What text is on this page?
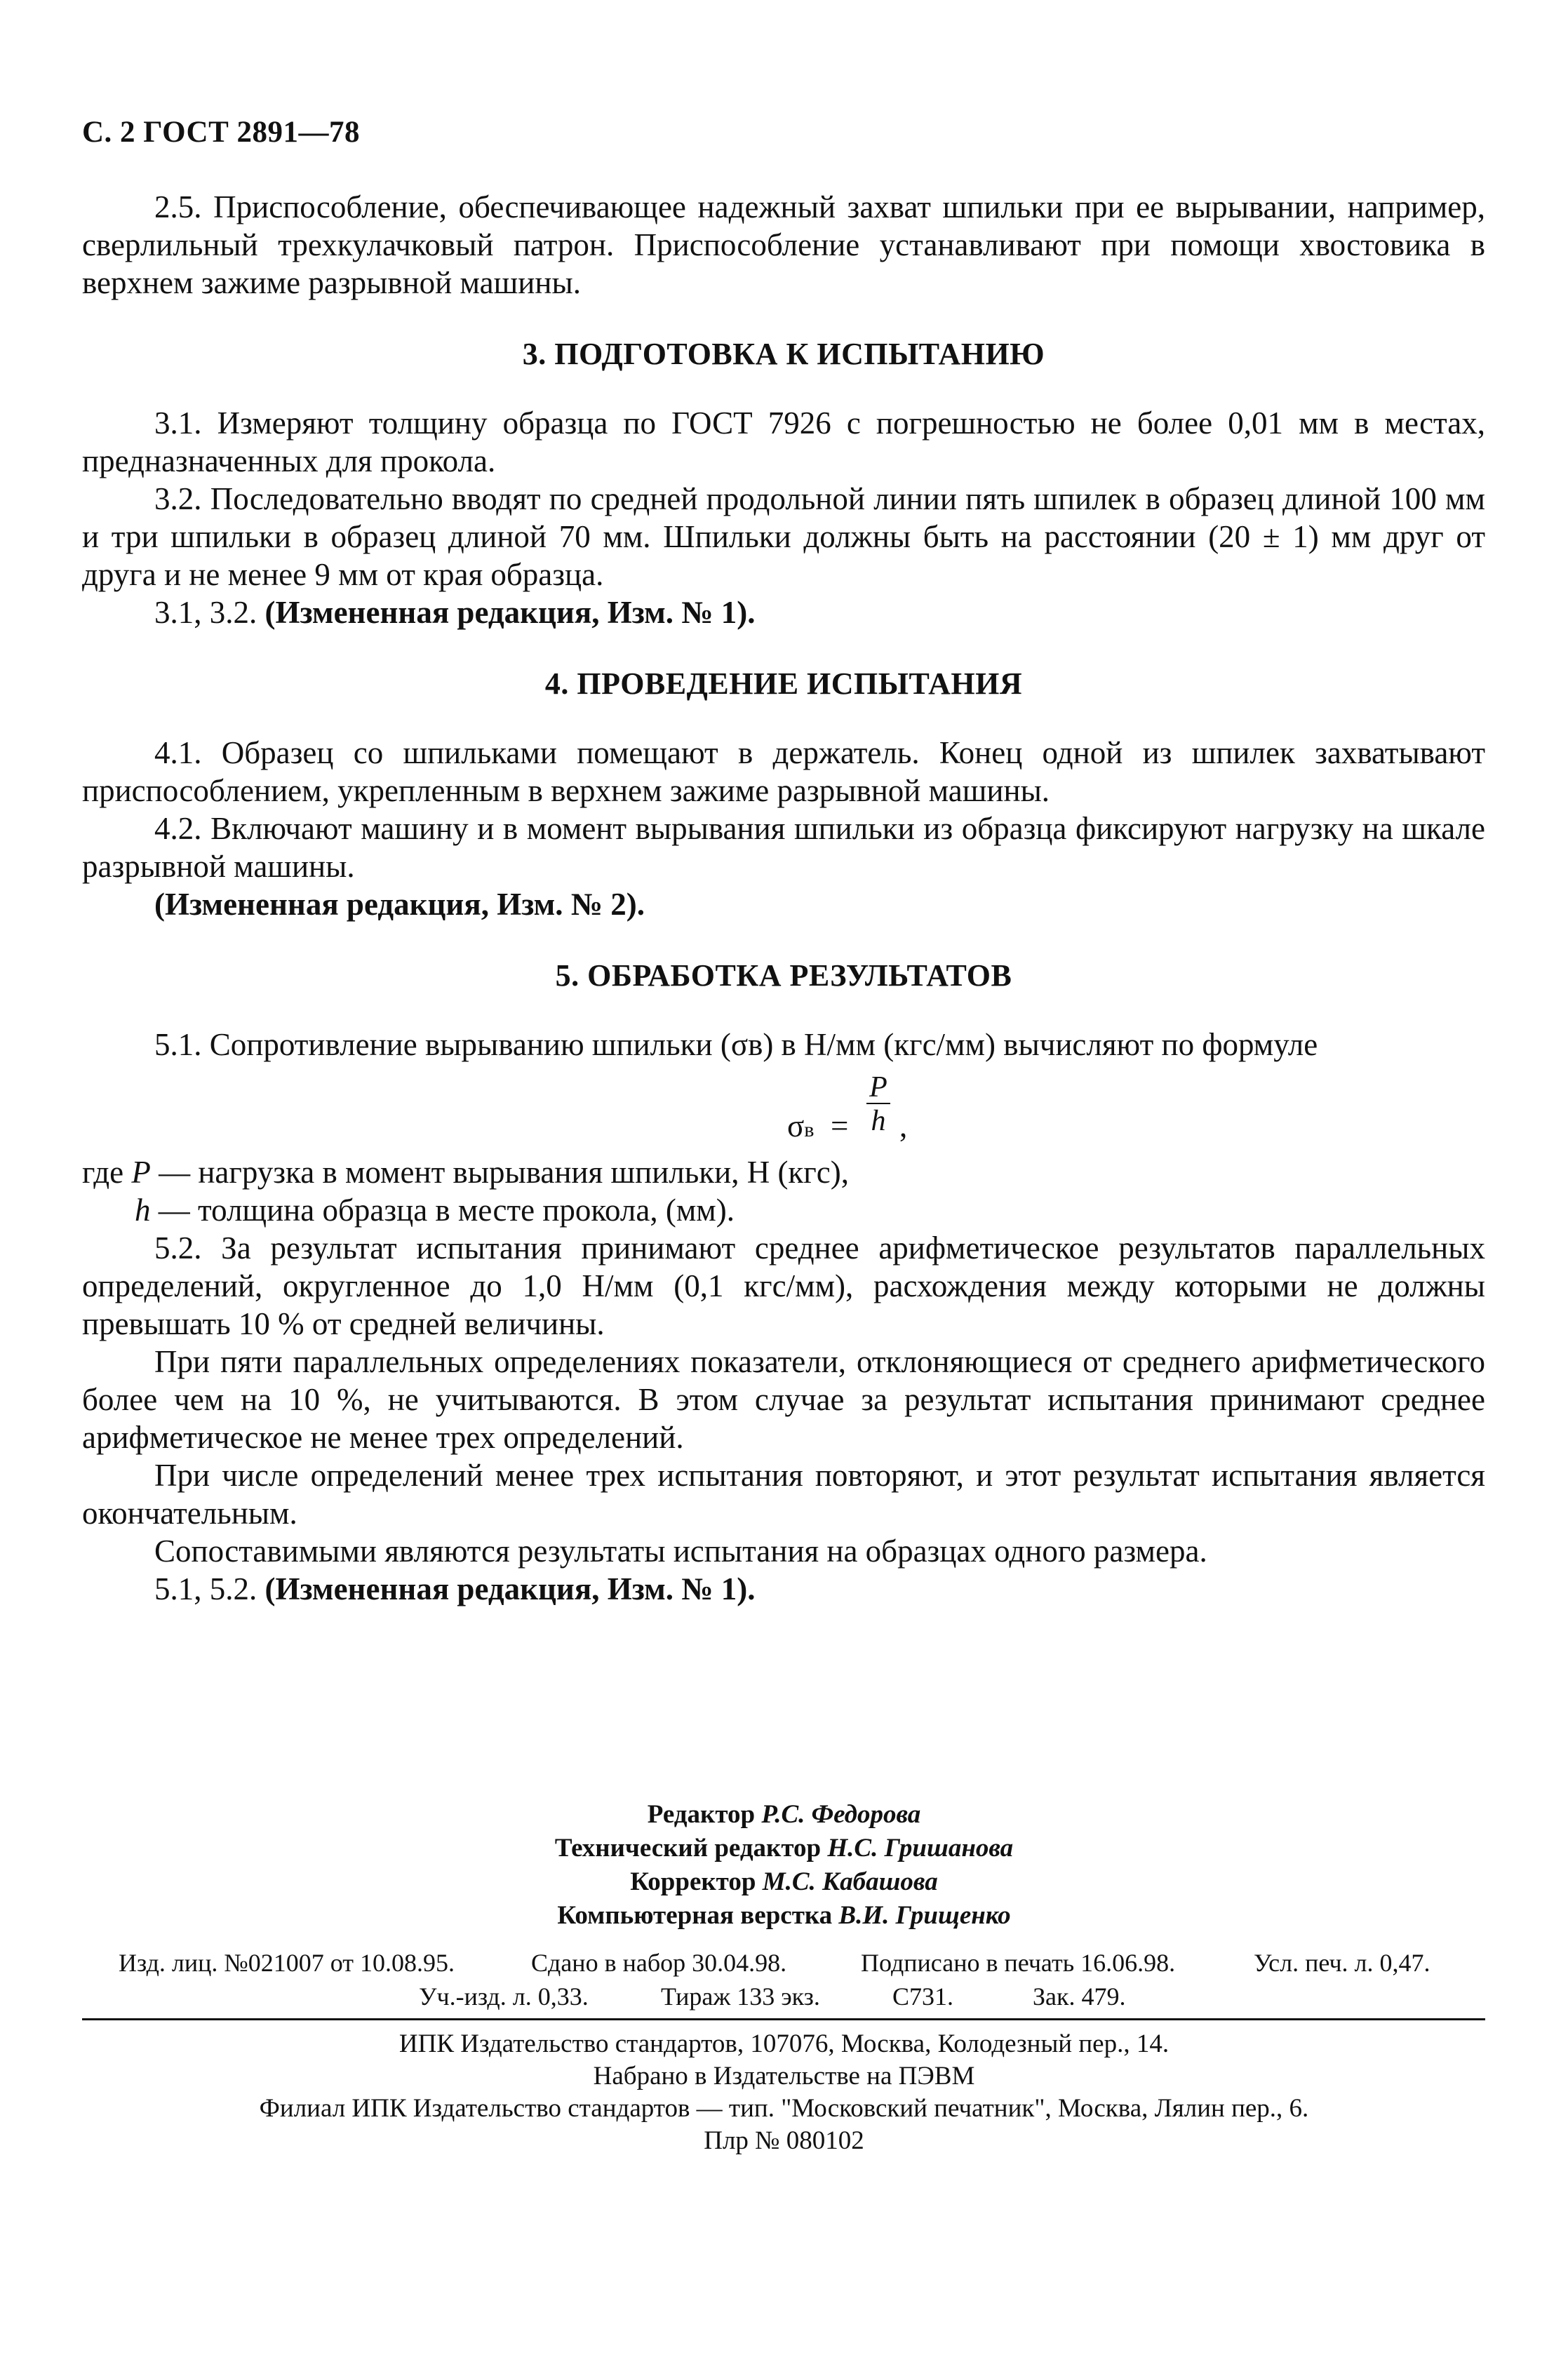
С. 2 ГОСТ 2891—78

2.5. Приспособление, обеспечивающее надежный захват шпильки при ее вырывании, например, сверлильный трехкулачковый патрон. Приспособление устанавливают при помощи хвостовика в верхнем зажиме разрывной машины.

3. ПОДГОТОВКА К ИСПЫТАНИЮ

3.1. Измеряют толщину образца по ГОСТ 7926 с погрешностью не более 0,01 мм в местах, предназначенных для прокола.

3.2. Последовательно вводят по средней продольной линии пять шпилек в образец длиной 100 мм и три шпильки в образец длиной 70 мм. Шпильки должны быть на расстоянии (20 ± 1) мм друг от друга и не менее 9 мм от края образца.

3.1, 3.2. (Измененная редакция, Изм. № 1).

4. ПРОВЕДЕНИЕ ИСПЫТАНИЯ

4.1. Образец со шпильками помещают в держатель. Конец одной из шпилек захватывают приспособлением, укрепленным в верхнем зажиме разрывной машины.

4.2. Включают машину и в момент вырывания шпильки из образца фиксируют нагрузку на шкале разрывной машины.

(Измененная редакция, Изм. № 2).

5. ОБРАБОТКА РЕЗУЛЬТАТОВ

5.1. Сопротивление вырыванию шпильки (σв) в Н/мм (кгс/мм) вычисляют по формуле

σв =
P
h ,

где P — нагрузка в момент вырывания шпильки, Н (кгс),

h — толщина образца в месте прокола, (мм).

5.2. За результат испытания принимают среднее арифметическое результатов параллельных определений, округленное до 1,0 Н/мм (0,1 кгс/мм), расхождения между которыми не должны превышать 10 % от средней величины.

При пяти параллельных определениях показатели, отклоняющиеся от среднего арифметического более чем на 10 %, не учитываются. В этом случае за результат испытания принимают среднее арифметическое не менее трех определений.

При числе определений менее трех испытания повторяют, и этот результат испытания является окончательным.

Сопоставимыми являются результаты испытания на образцах одного размера.

5.1, 5.2. (Измененная редакция, Изм. № 1).

Редактор Р.С. Федорова
Технический редактор Н.С. Гришанова
Корректор М.С. Кабашова
Компьютерная верстка В.И. Грищенко
Изд. лиц. №021007 от 10.08.95.	Сдано в набор 30.04.98.	Подписано в печать 16.06.98.	Усл. печ. л. 0,47.
Уч.-изд. л. 0,33.	Тираж 133 экз.	С731.	Зак. 479.
ИПК Издательство стандартов, 107076, Москва, Колодезный пер., 14.
Набрано в Издательстве на ПЭВМ
Филиал ИПК Издательство стандартов — тип. "Московский печатник", Москва, Лялин пер., 6.
Плр № 080102
